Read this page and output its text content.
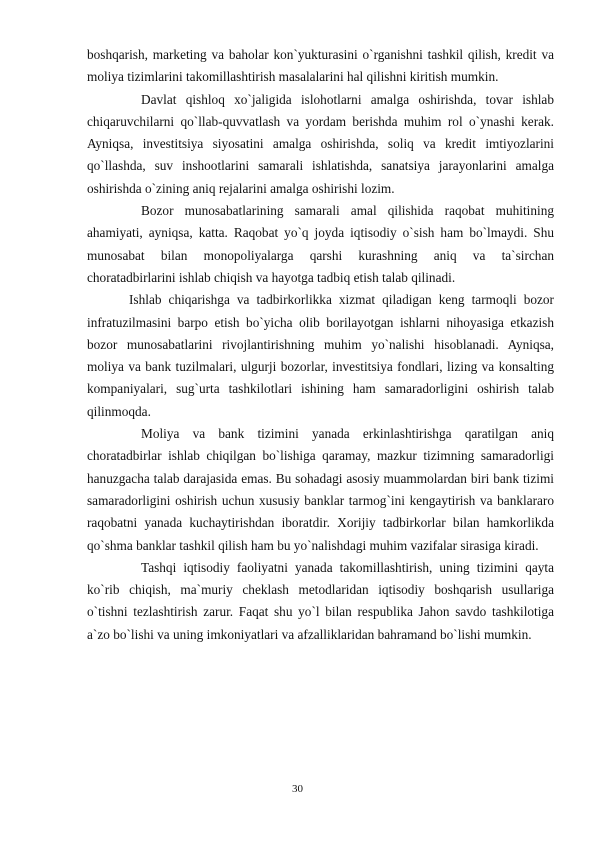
boshqarish, marketing va baholar kon`yukturasini o`rganishni tashkil qilish, kredit va moliya tizimlarini takomillashtirish masalalarini hal qilishni kiritish mumkin.

Davlat qishloq xo`jaligida islohotlarni amalga oshirishda, tovar ishlab chiqaruvchilarni qo`llab-quvvatlash va yordam berishda muhim rol o`ynashi kerak. Ayniqsa, investitsiya siyosatini amalga oshirishda, soliq va kredit imtiyozlarini qo`llashda, suv inshootlarini samarali ishlatishda, sanatsiya jarayonlarini amalga oshirishda o`zining aniq rejalarini amalga oshirishi lozim.

Bozor munosabatlarining samarali amal qilishida raqobat muhitining ahamiyati, ayniqsa, katta. Raqobat yo`q joyda iqtisodiy o`sish ham bo`lmaydi. Shu munosabat bilan monopoliyalarga qarshi kurashning aniq va ta`sirchan choratadbirlarini ishlab chiqish va hayotga tadbiq etish talab qilinadi.

Ishlab chiqarishga va tadbirkorlikka xizmat qiladigan keng tarmoqli bozor infratuzilmasini barpo etish bo`yicha olib borilayotgan ishlarni nihoyasiga etkazish bozor munosabatlarini rivojlantirishning muhim yo`nalishi hisoblanadi. Ayniqsa, moliya va bank tuzilmalari, ulgurji bozorlar, investitsiya fondlari, lizing va konsalting kompaniyalari, sug`urta tashkilotlari ishining ham samaradorligini oshirish talab qilinmoqda.

Moliya va bank tizimini yanada erkinlashtirishga qaratilgan aniq choratadbirlar ishlab chiqilgan bo`lishiga qaramay, mazkur tizimning samaradorligi hanuzgacha talab darajasida emas. Bu sohadagi asosiy muammolardan biri bank tizimi samaradorligini oshirish uchun xususiy banklar tarmog`ini kengaytirish va banklararo raqobatni yanada kuchaytirishdan iboratdir. Xorijiy tadbirkorlar bilan hamkorlikda qo`shma banklar tashkil qilish ham bu yo`nalishdagi muhim vazifalar sirasiga kiradi.

Tashqi iqtisodiy faoliyatni yanada takomillashtirish, uning tizimini qayta ko`rib chiqish, ma`muriy cheklash metodlaridan iqtisodiy boshqarish usullariga o`tishni tezlashtirish zarur. Faqat shu yo`l bilan respublika Jahon savdo tashkilotiga a`zo bo`lishi va uning imkoniyatlari va afzalliklaridan bahramand bo`lishi mumkin.

30
